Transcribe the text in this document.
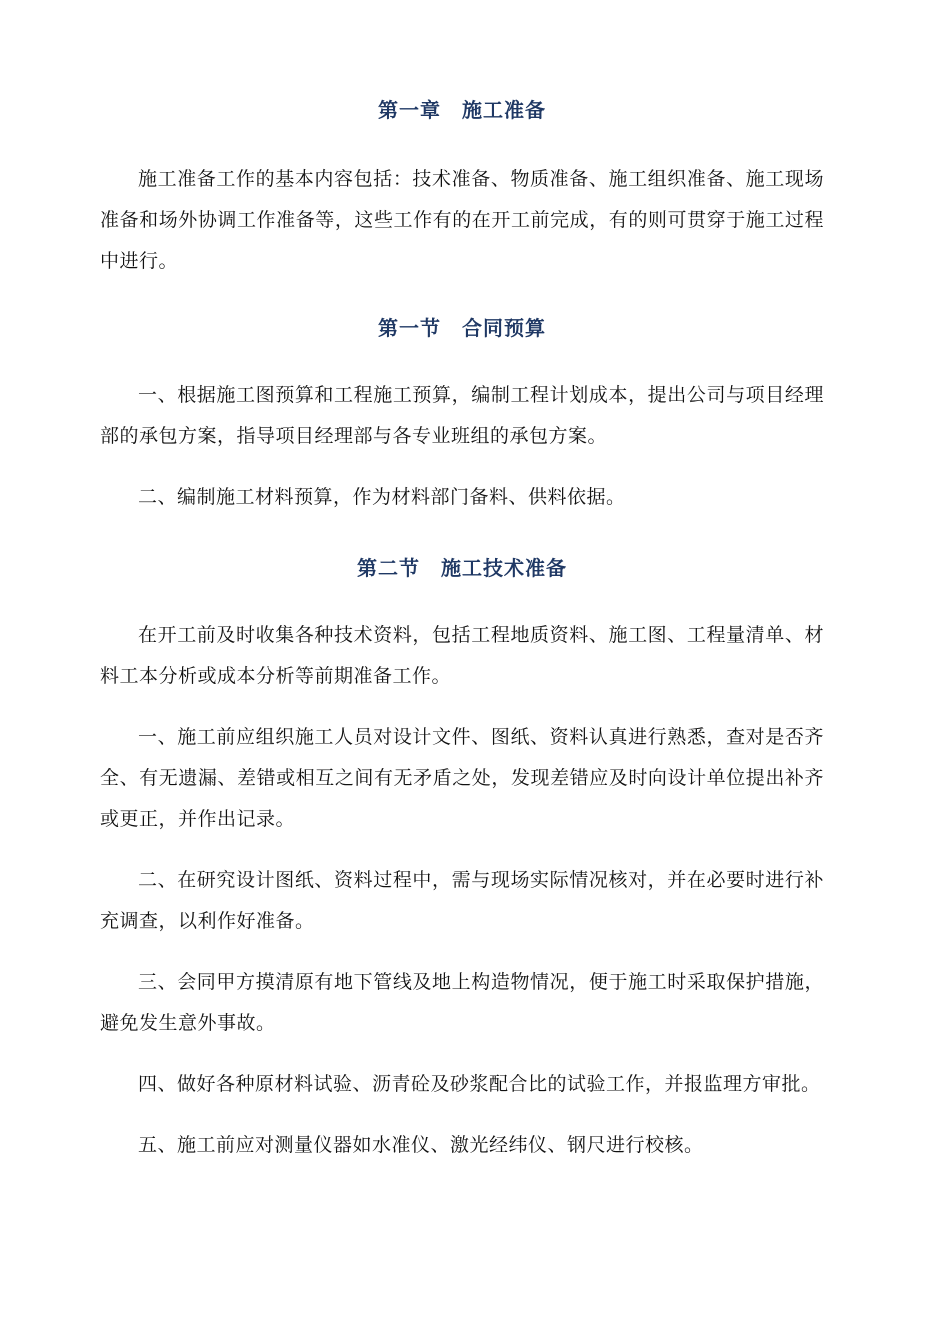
第一章　施工准备

施工准备工作的基本内容包括：技术准备、物质准备、施工组织准备、施工现场准备和场外协调工作准备等，这些工作有的在开工前完成，有的则可贯穿于施工过程中进行。

第一节　合同预算

一、根据施工图预算和工程施工预算，编制工程计划成本，提出公司与项目经理部的承包方案，指导项目经理部与各专业班组的承包方案。

二、编制施工材料预算，作为材料部门备料、供料依据。

第二节　施工技术准备

在开工前及时收集各种技术资料，包括工程地质资料、施工图、工程量清单、材料工本分析或成本分析等前期准备工作。

一、施工前应组织施工人员对设计文件、图纸、资料认真进行熟悉，查对是否齐全、有无遗漏、差错或相互之间有无矛盾之处，发现差错应及时向设计单位提出补齐或更正，并作出记录。

二、在研究设计图纸、资料过程中，需与现场实际情况核对，并在必要时进行补充调查，以利作好准备。

三、会同甲方摸清原有地下管线及地上构造物情况，便于施工时采取保护措施，避免发生意外事故。

四、做好各种原材料试验、沥青砼及砂浆配合比的试验工作，并报监理方审批。

五、施工前应对测量仪器如水准仪、激光经纬仪、钢尺进行校核。
